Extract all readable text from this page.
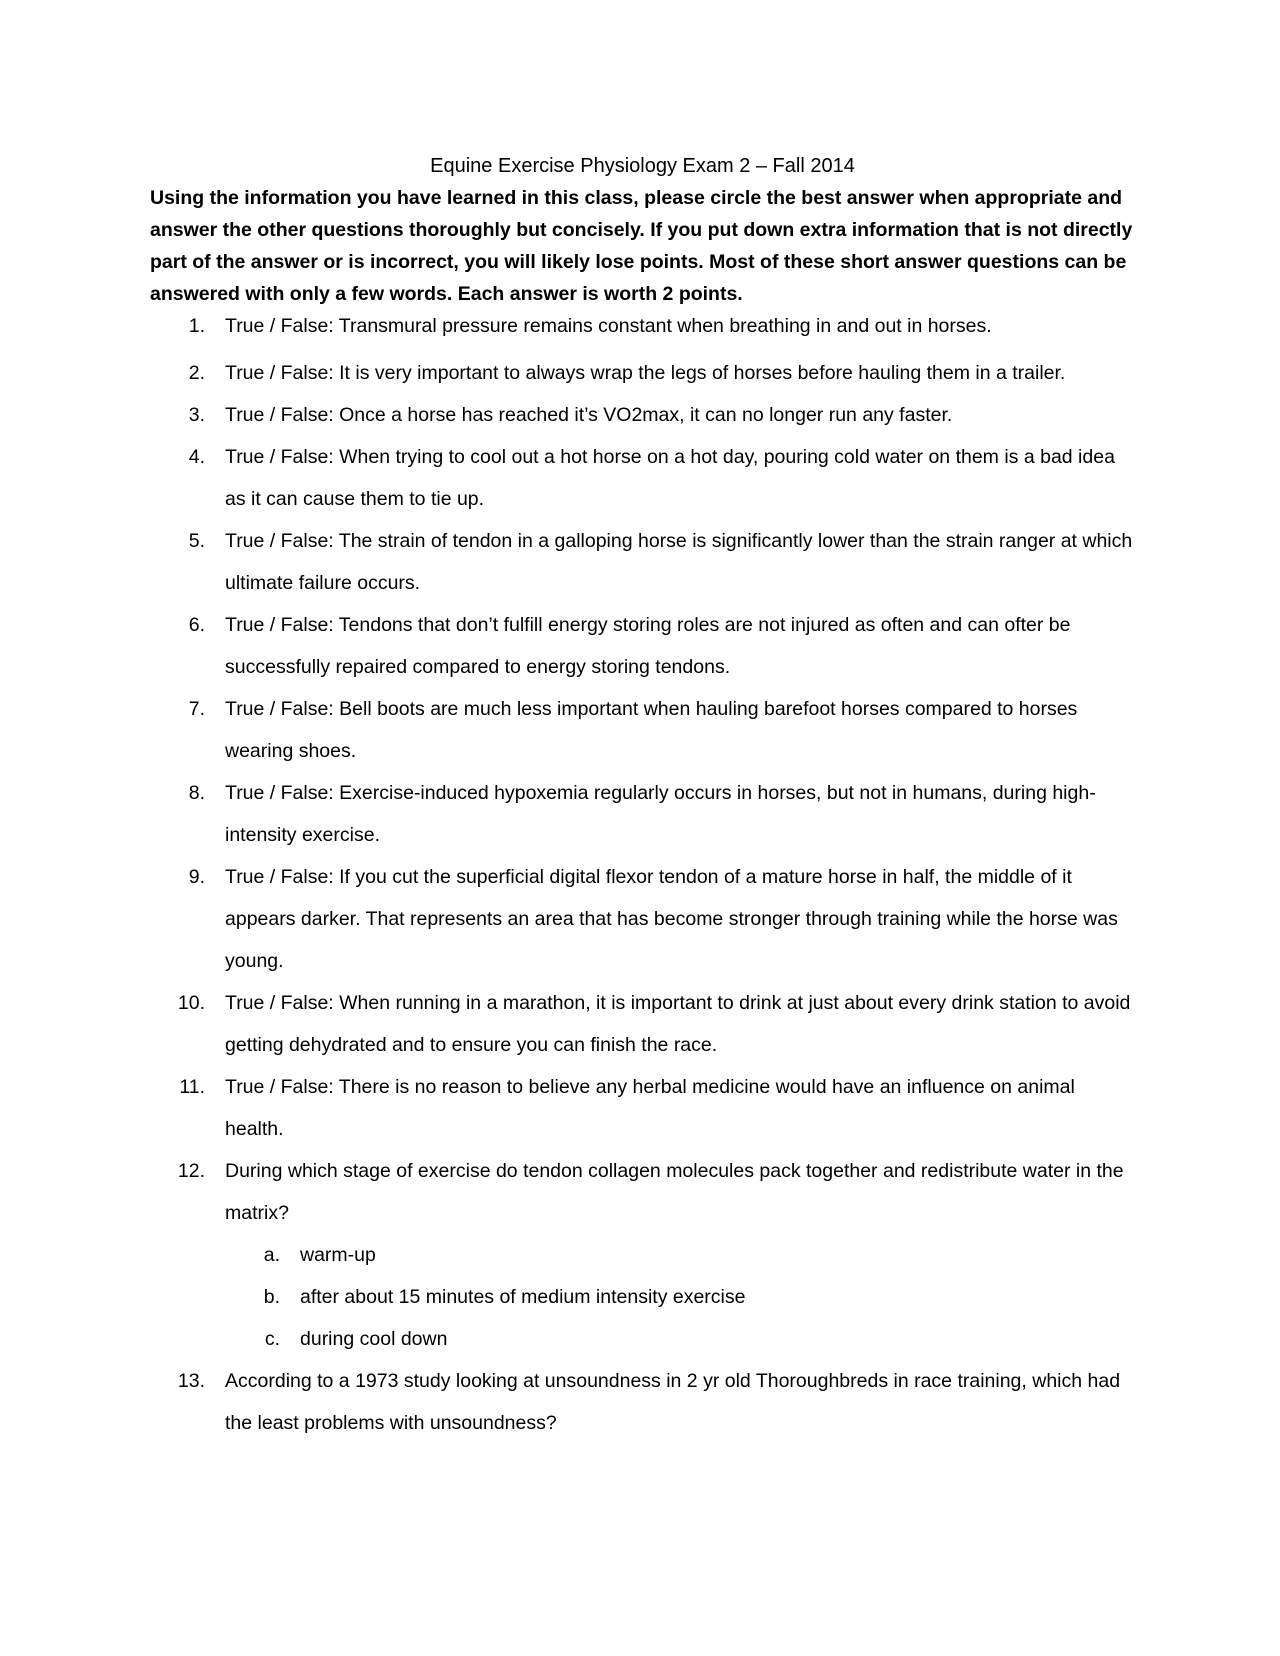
Equine Exercise Physiology Exam 2 – Fall 2014

Using the information you have learned in this class, please circle the best answer when appropriate and answer the other questions thoroughly but concisely. If you put down extra information that is not directly part of the answer or is incorrect, you will likely lose points. Most of these short answer questions can be answered with only a few words. Each answer is worth 2 points.

1. True / False: Transmural pressure remains constant when breathing in and out in horses.
2. True / False: It is very important to always wrap the legs of horses before hauling them in a trailer.
3. True / False: Once a horse has reached it’s VO2max, it can no longer run any faster.
4. True / False: When trying to cool out a hot horse on a hot day, pouring cold water on them is a bad idea as it can cause them to tie up.
5. True / False: The strain of tendon in a galloping horse is significantly lower than the strain ranger at which ultimate failure occurs.
6. True / False: Tendons that don’t fulfill energy storing roles are not injured as often and can ofter be successfully repaired compared to energy storing tendons.
7. True / False: Bell boots are much less important when hauling barefoot horses compared to horses wearing shoes.
8. True / False: Exercise-induced hypoxemia regularly occurs in horses, but not in humans, during high-intensity exercise.
9. True / False: If you cut the superficial digital flexor tendon of a mature horse in half, the middle of it appears darker. That represents an area that has become stronger through training while the horse was young.
10. True / False: When running in a marathon, it is important to drink at just about every drink station to avoid getting dehydrated and to ensure you can finish the race.
11. True / False: There is no reason to believe any herbal medicine would have an influence on animal health.
12. During which stage of exercise do tendon collagen molecules pack together and redistribute water in the matrix?
a. warm-up
b. after about 15 minutes of medium intensity exercise
c. during cool down
13. According to a 1973 study looking at unsoundness in 2 yr old Thoroughbreds in race training, which had the least problems with unsoundness?
